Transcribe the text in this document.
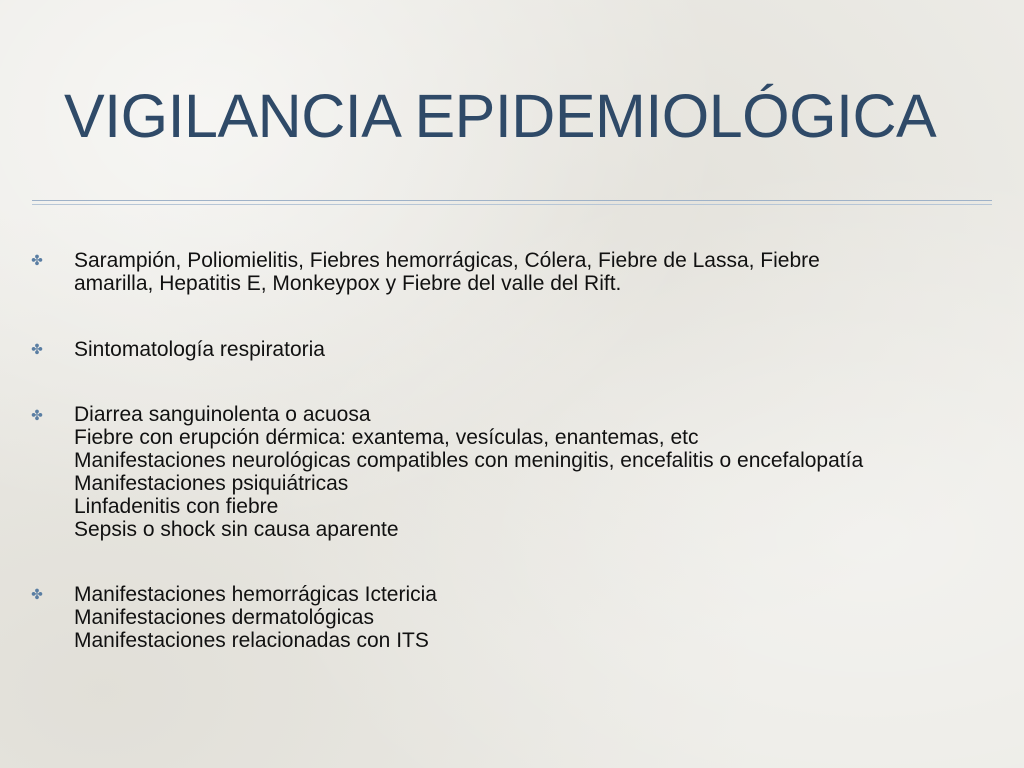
VIGILANCIA EPIDEMIOLÓGICA
✤ Sarampión, Poliomielitis, Fiebres hemorrágicas, Cólera, Fiebre de Lassa, Fiebre
amarilla, Hepatitis E, Monkeypox y Fiebre del valle del Rift.
✤ Sintomatología respiratoria
✤ Diarrea sanguinolenta o acuosa
Fiebre con erupción dérmica: exantema, vesículas, enantemas, etc
Manifestaciones neurológicas compatibles con meningitis, encefalitis o encefalopatía
Manifestaciones psiquiátricas
Linfadenitis con fiebre
Sepsis o shock sin causa aparente
✤ Manifestaciones hemorrágicas Ictericia
Manifestaciones dermatológicas
Manifestaciones relacionadas con ITS
